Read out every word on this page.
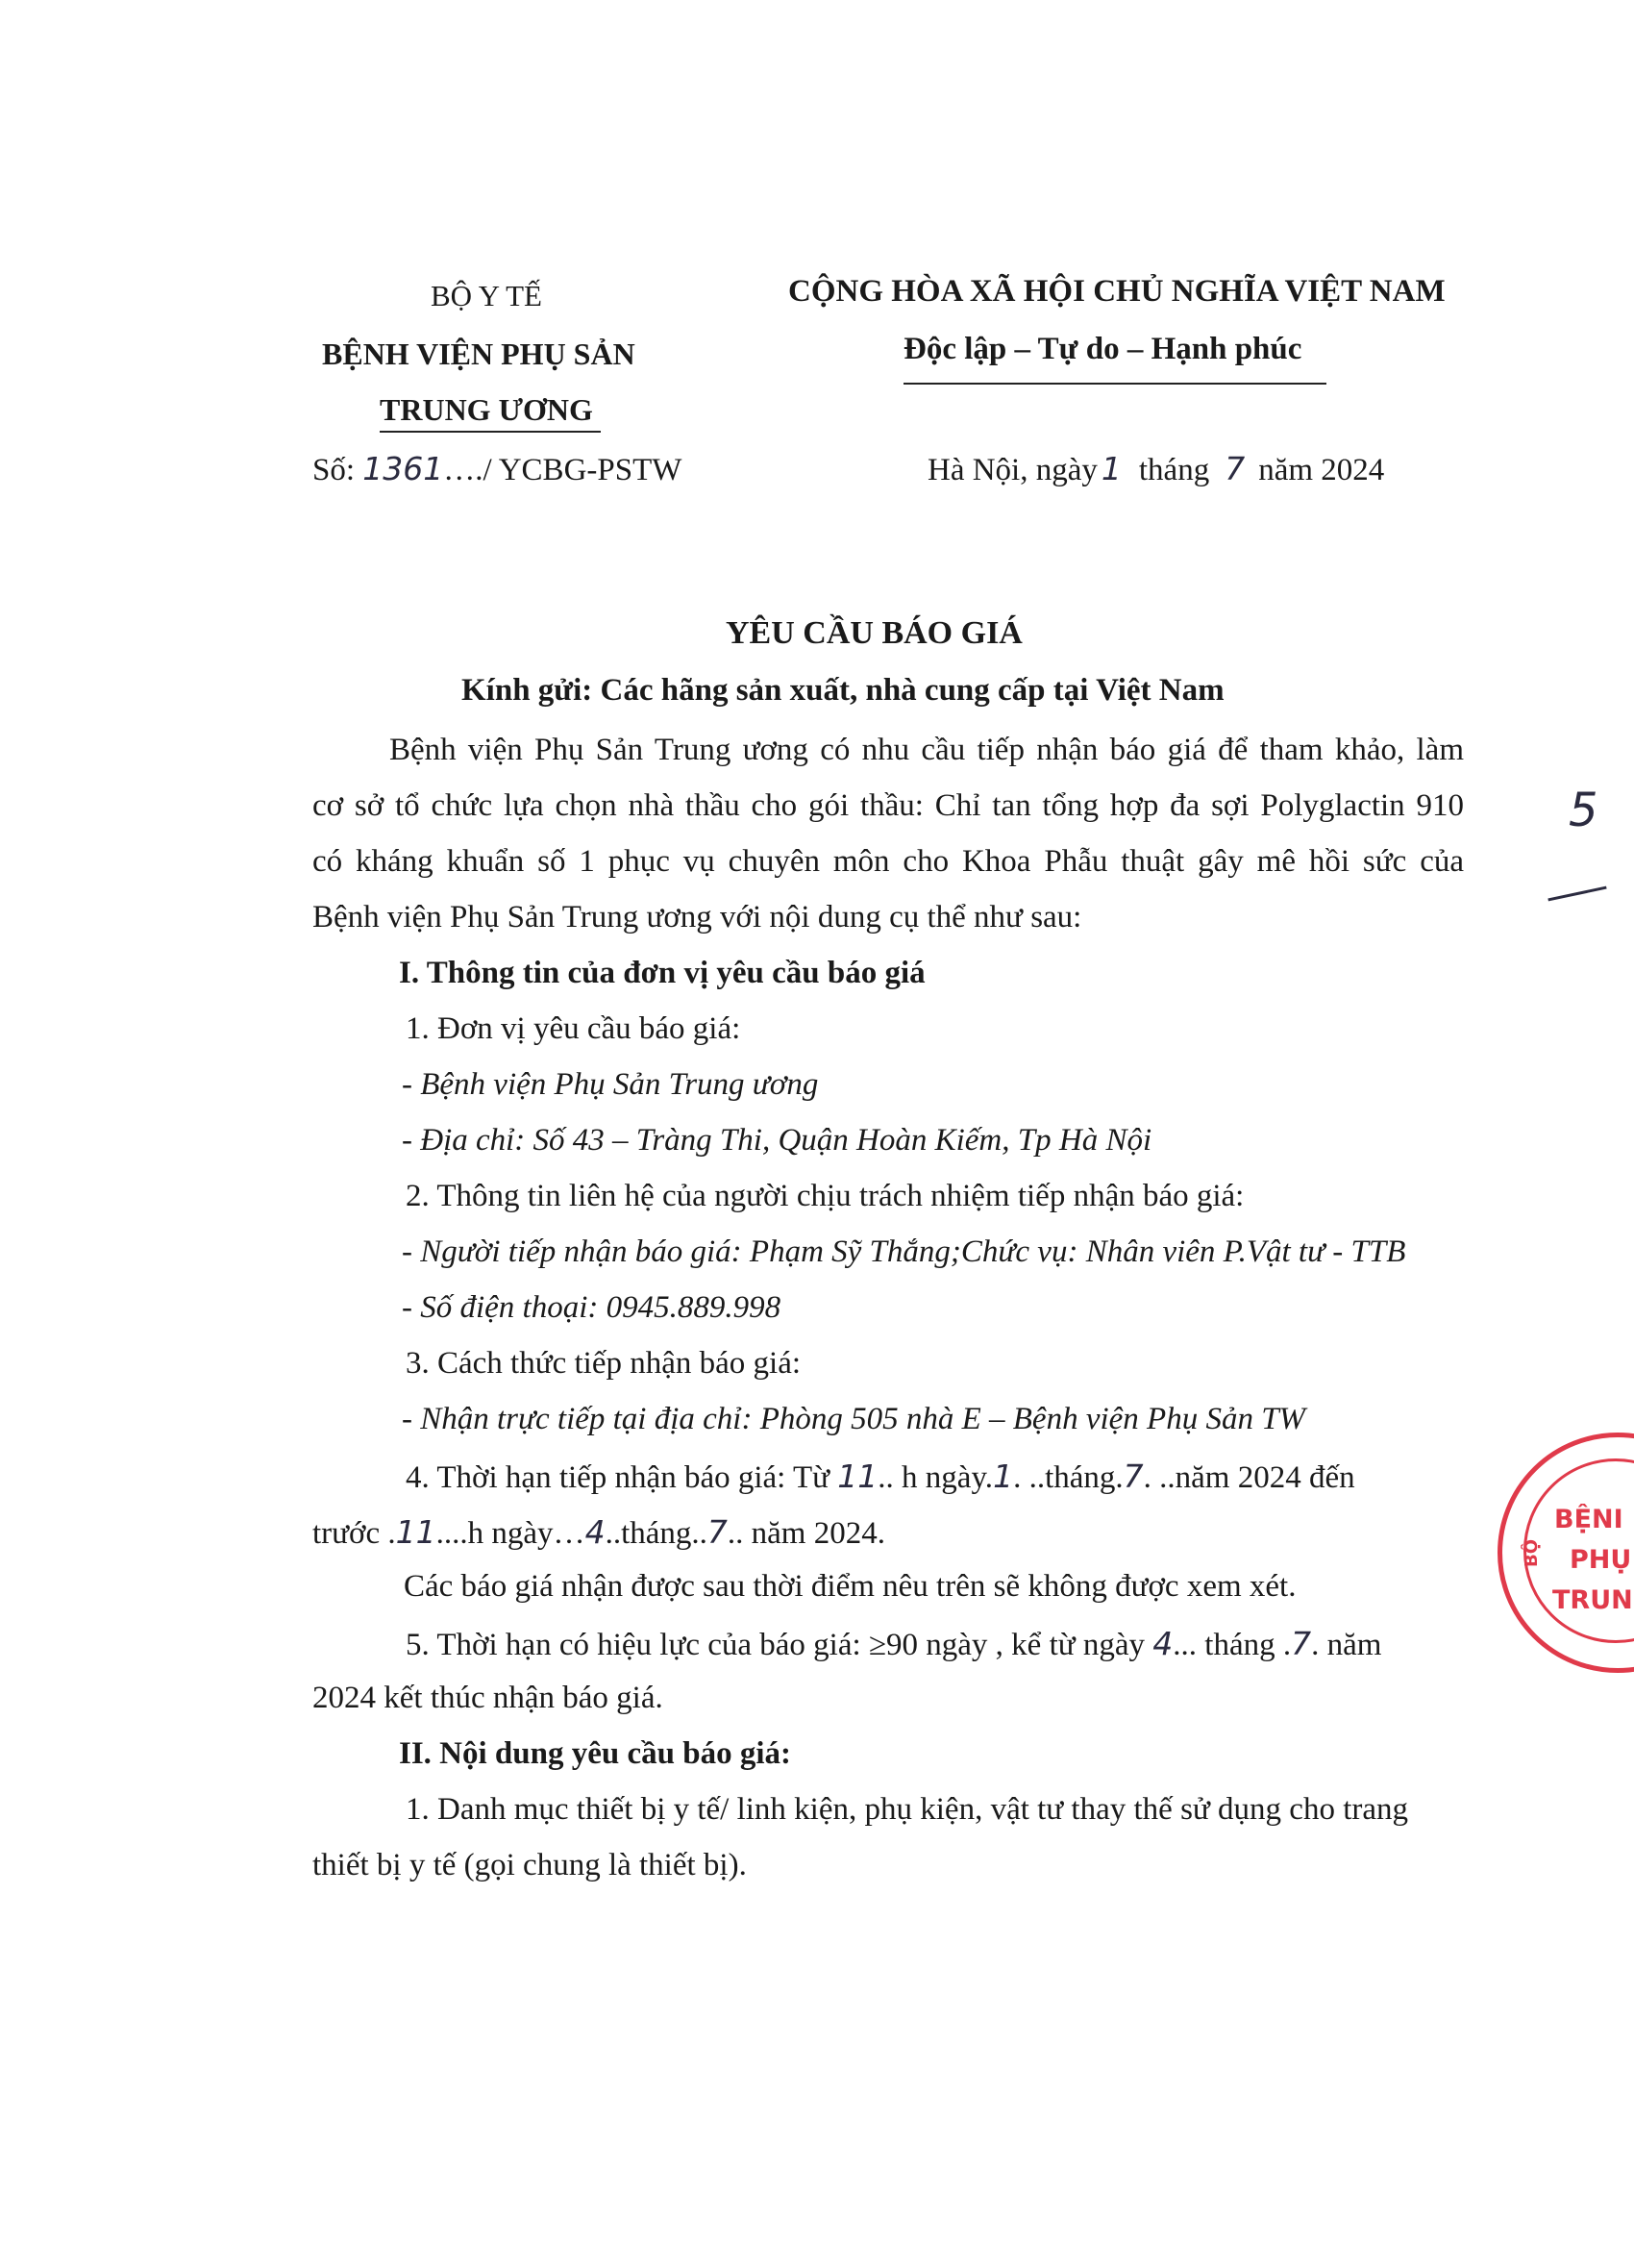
BỘ Y TẾ
BỆNH VIỆN PHỤ SẢN
TRUNG ƯƠNG
Số: 1361…./ YCBG-PSTW
CỘNG HÒA XÃ HỘI CHỦ NGHĨA VIỆT NAM
Độc lập – Tự do – Hạnh phúc
Hà Nội, ngày 1 tháng 7 năm 2024
YÊU CẦU BÁO GIÁ
Kính gửi: Các hãng sản xuất, nhà cung cấp tại Việt Nam
Bệnh viện Phụ Sản Trung ương có nhu cầu tiếp nhận báo giá để tham khảo, làm
cơ sở tổ chức lựa chọn nhà thầu cho gói thầu: Chỉ tan tổng hợp đa sợi Polyglactin 910
có kháng khuẩn số 1 phục vụ chuyên môn cho Khoa Phẫu thuật gây mê hồi sức của
Bệnh viện Phụ Sản Trung ương với nội dung cụ thể như sau:
I. Thông tin của đơn vị yêu cầu báo giá
1. Đơn vị yêu cầu báo giá:
- Bệnh viện Phụ Sản Trung ương
- Địa chỉ: Số 43 – Tràng Thi, Quận Hoàn Kiếm, Tp Hà Nội
2. Thông tin liên hệ của người chịu trách nhiệm tiếp nhận báo giá:
- Người tiếp nhận báo giá: Phạm Sỹ Thắng;Chức vụ: Nhân viên P.Vật tư - TTB
- Số điện thoại: 0945.889.998
3. Cách thức tiếp nhận báo giá:
- Nhận trực tiếp tại địa chỉ: Phòng 505 nhà E – Bệnh viện Phụ Sản TW
4. Thời hạn tiếp nhận báo giá: Từ 11.. h ngày.1. ..tháng.7. ..năm 2024 đến
trước .11....h ngày…4..tháng..7.. năm 2024.
Các báo giá nhận được sau thời điểm nêu trên sẽ không được xem xét.
5. Thời hạn có hiệu lực của báo giá: ≥90 ngày , kể từ ngày 4... tháng .7. năm
2024 kết thúc nhận báo giá.
II. Nội dung yêu cầu báo giá:
1. Danh mục thiết bị y tế/ linh kiện, phụ kiện, vật tư thay thế sử dụng cho trang
thiết bị y tế (gọi chung là thiết bị).
5
BỆNI
PHỤ
TRUN
BỘ
